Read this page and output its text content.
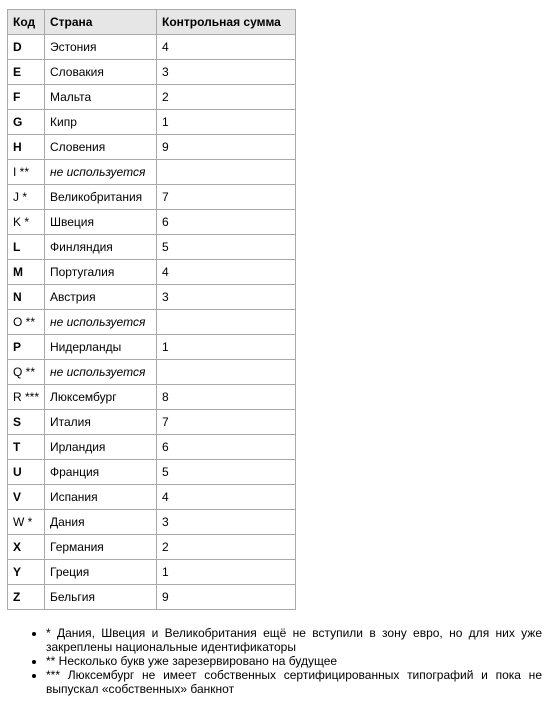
Код	Страна	Контрольная сумма
D	Эстония	4
E	Словакия	3
F	Мальта	2
G	Кипр	1
H	Словения	9
I **	не используется	
J *	Великобритания	7
K *	Швеция	6
L	Финляндия	5
M	Португалия	4
N	Австрия	3
O **	не используется	
P	Нидерланды	1
Q **	не используется	
R ***	Люксембург	8
S	Италия	7
T	Ирландия	6
U	Франция	5
V	Испания	4
W *	Дания	3
X	Германия	2
Y	Греция	1
Z	Бельгия	9
• * Дания, Швеция и Великобритания ещё не вступили в зону евро, но для них уже закреплены национальные идентификаторы
• ** Несколько букв уже зарезервировано на будущее
• *** Люксембург не имеет собственных сертифицированных типографий и пока не выпускал «собственных» банкнот
